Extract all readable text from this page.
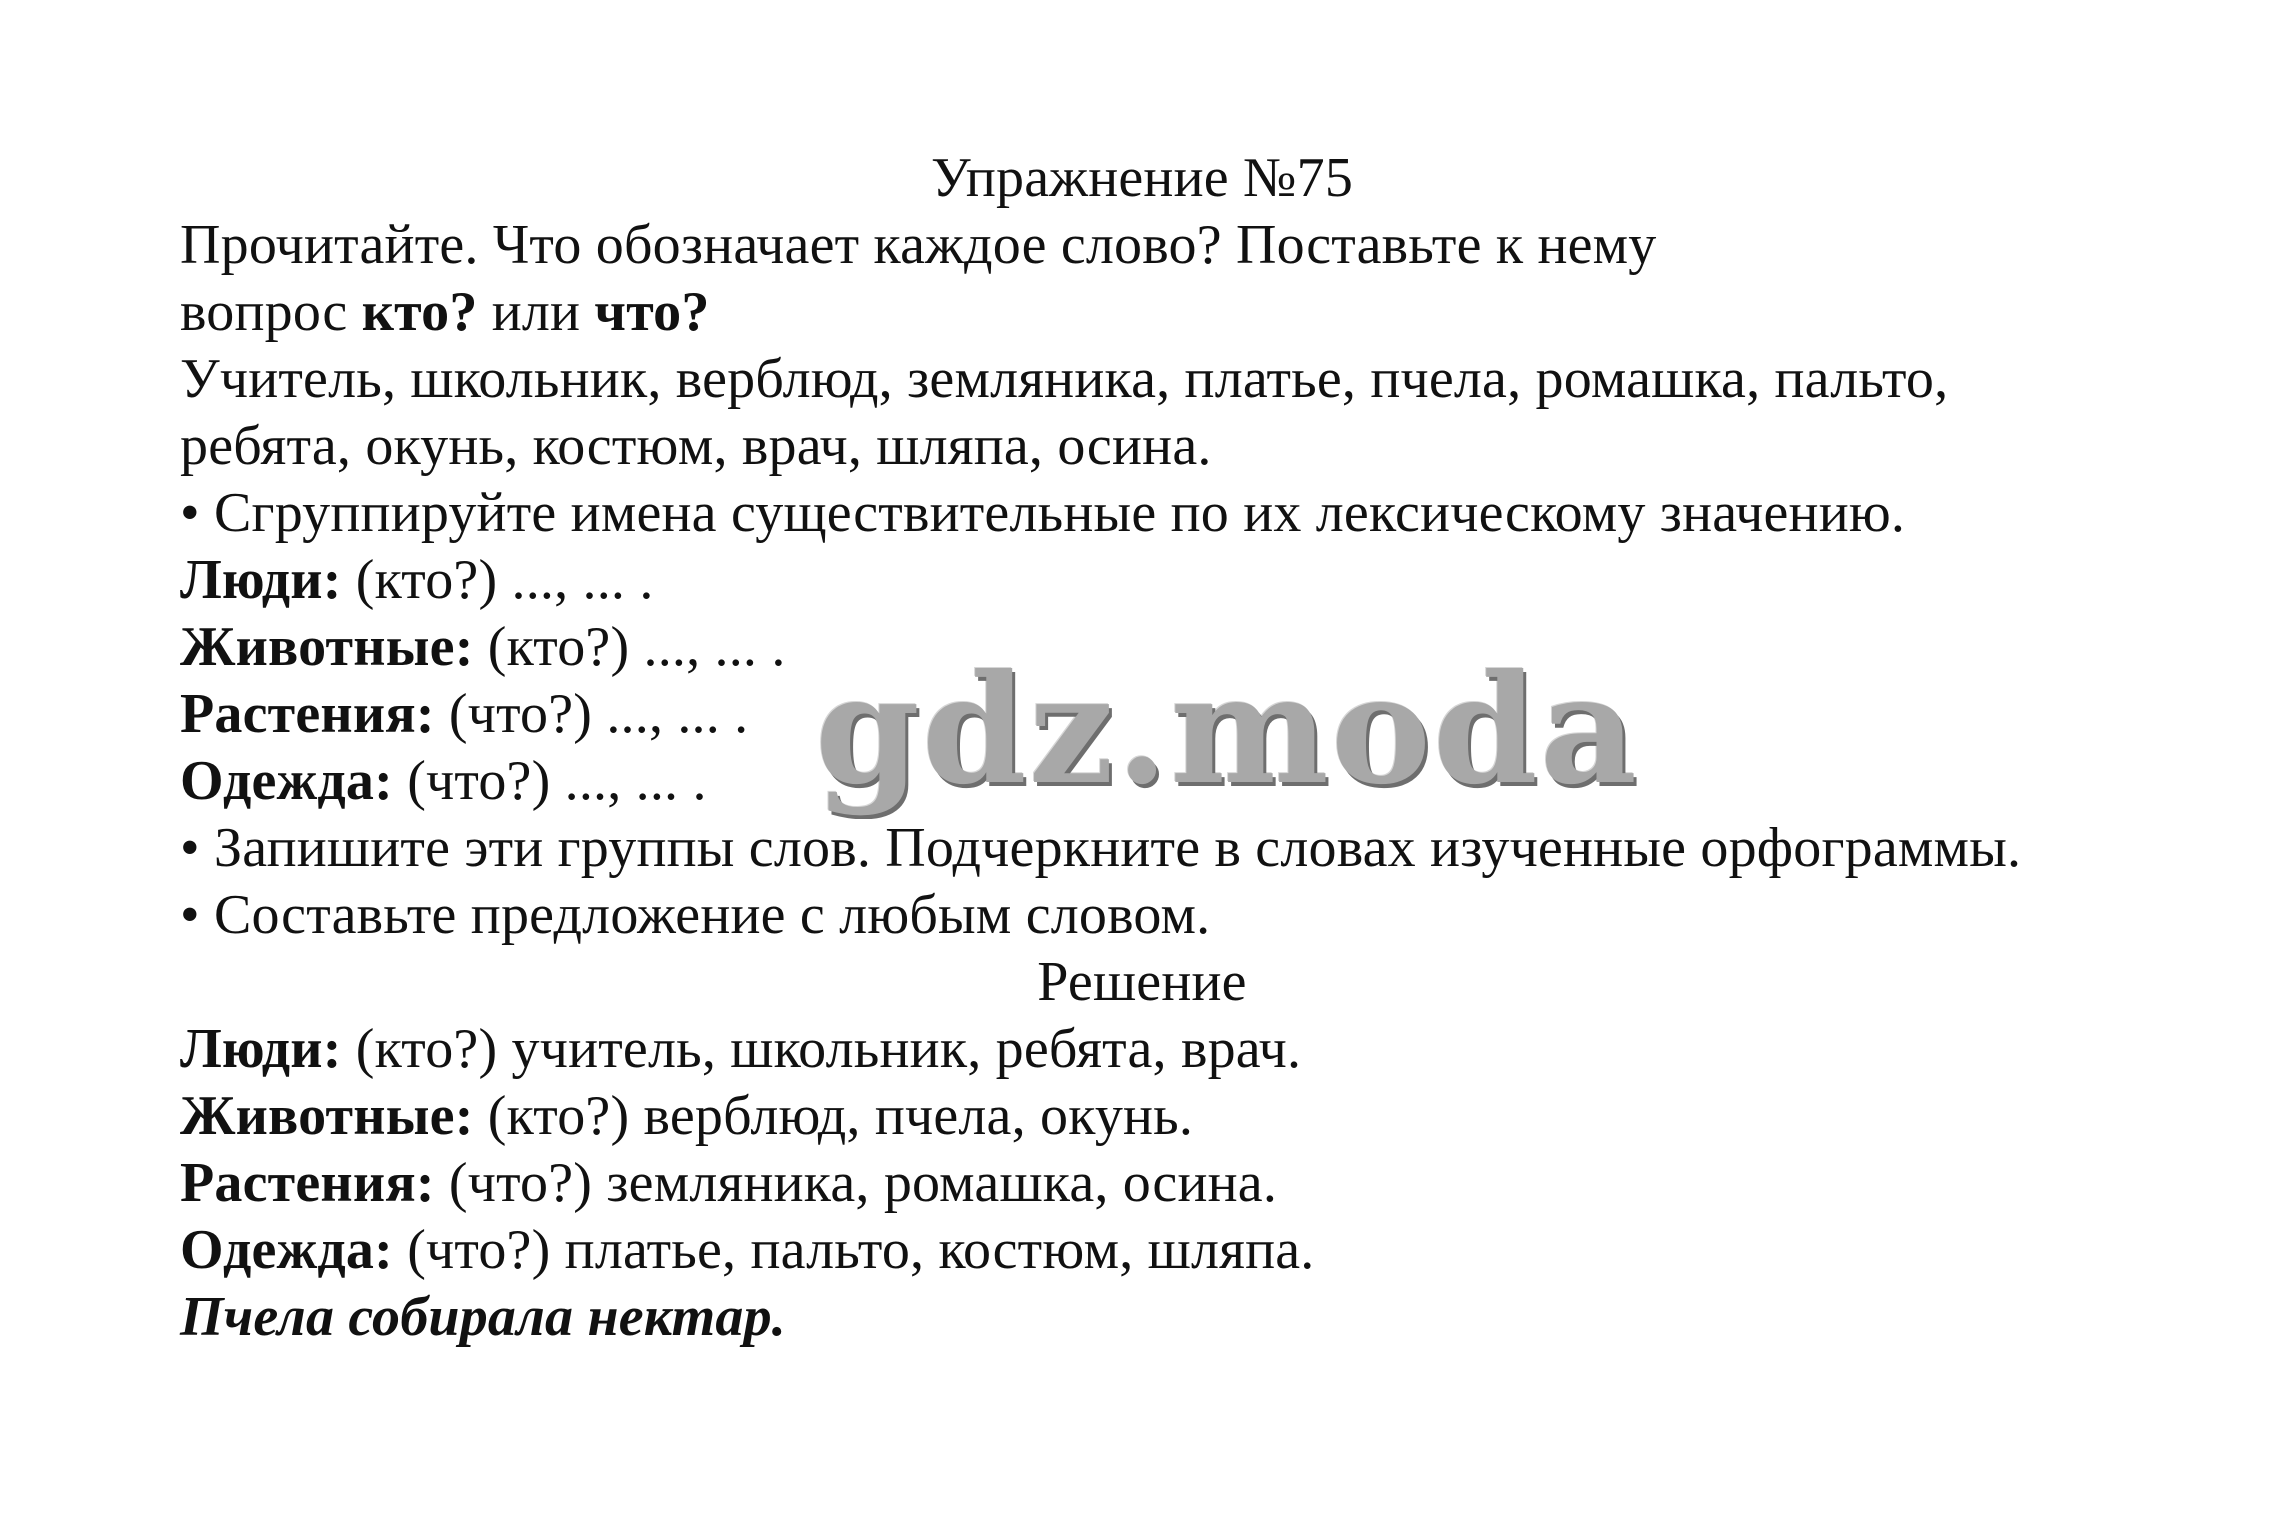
Упражнение №75
Прочитайте. Что обозначает каждое слово? Поставьте к нему
вопрос кто? или что?
Учитель, школьник, верблюд, земляника, платье, пчела, ромашка, пальто,
ребята, окунь, костюм, врач, шляпа, осина.
• Сгруппируйте имена существительные по их лексическому значению.
Люди: (кто?) ..., ... .
Животные: (кто?) ..., ... .
Растения: (что?) ..., ... .
Одежда: (что?) ..., ... .
• Запишите эти группы слов. Подчеркните в словах изученные орфограммы.
• Составьте предложение с любым словом.
Решение
Люди: (кто?) учитель, школьник, ребята, врач.
Животные: (кто?) верблюд, пчела, окунь.
Растения: (что?) земляника, ромашка, осина.
Одежда: (что?) платье, пальто, костюм, шляпа.
Пчела собирала нектар.
gdz.moda
